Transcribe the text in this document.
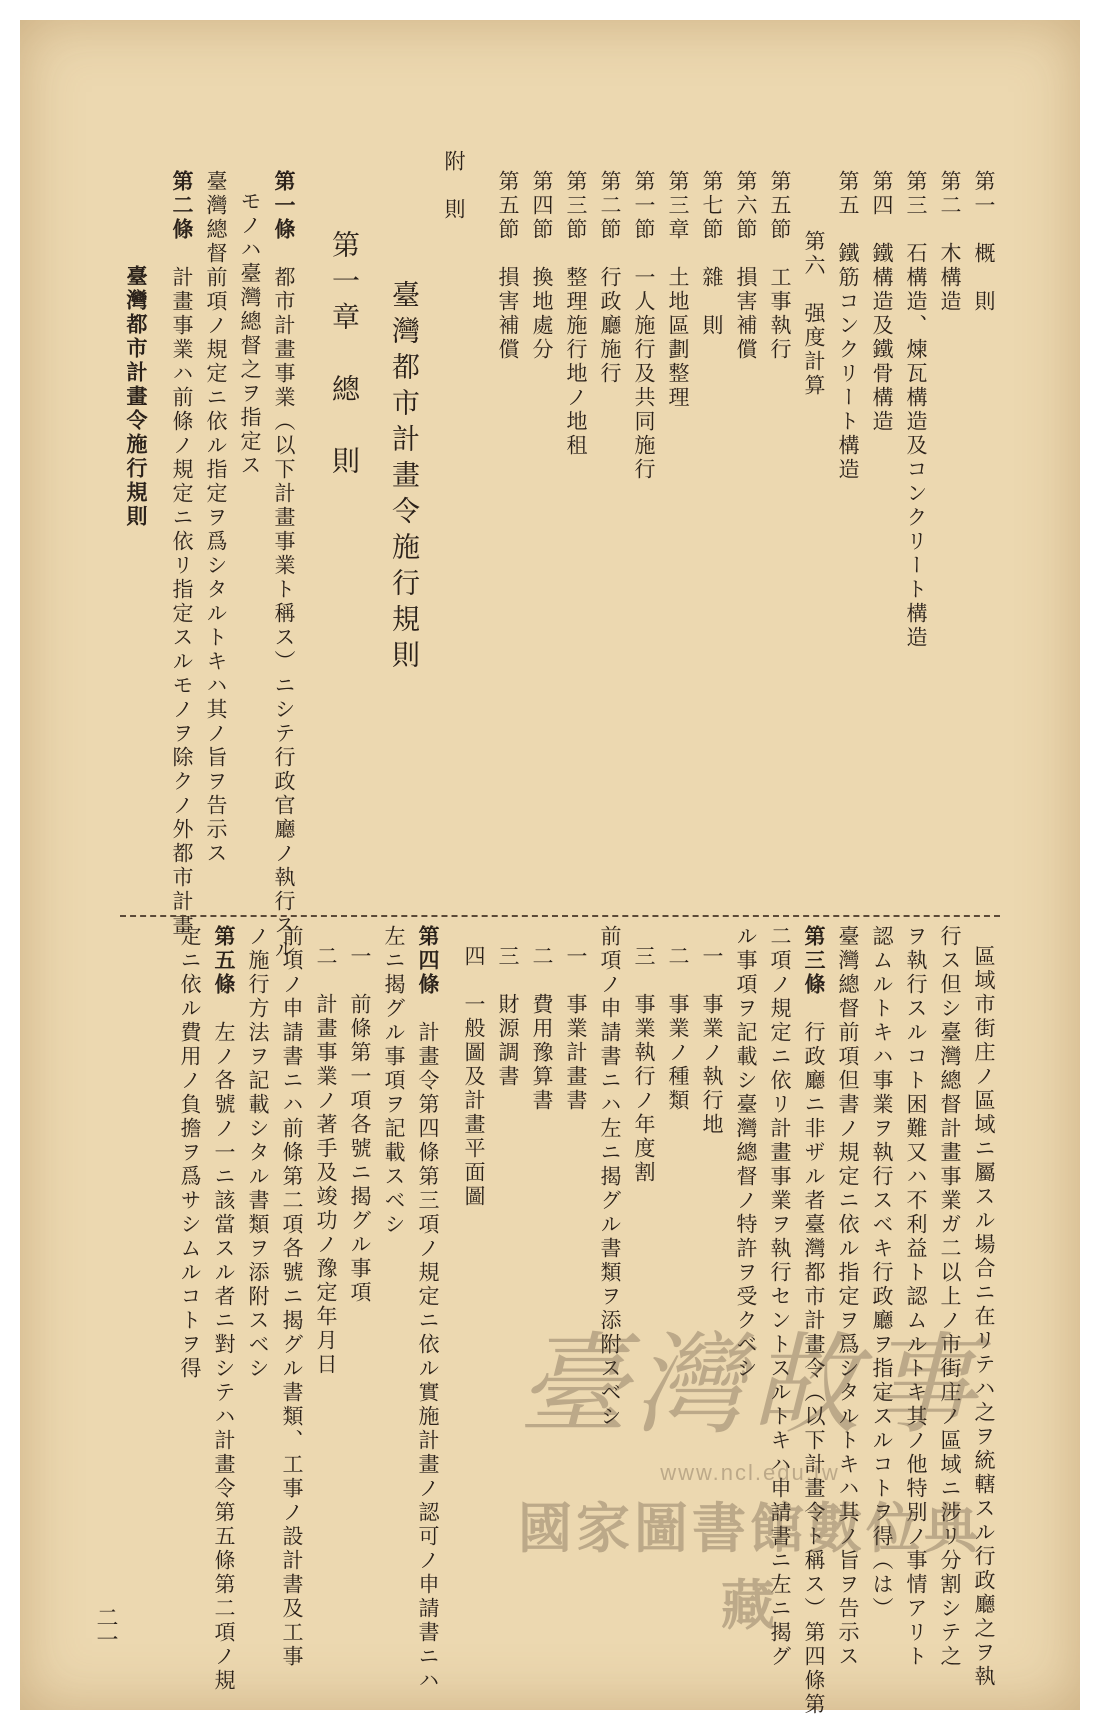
第一　概　則
第二　木構造
第三　石構造、煉瓦構造及コンクリート構造
第四　鐵構造及鐵骨構造
第五　鐵筋コンクリート構造
第六　强度計算
第五節　工事執行
第六節　損害補償
第七節　雜　則
第三章　土地區劃整理
第一節　一人施行及共同施行
第二節　行政廳施行
第三節　整理施行地ノ地租
第四節　換地處分
第五節　損害補償
附　則
臺灣都市計畫令施行規則
第一章　總　則
第一條　都市計畫事業（以下計畫事業ト稱ス）ニシテ行政官廳ノ執行スル
モノハ臺灣總督之ヲ指定ス
臺灣總督前項ノ規定ニ依ル指定ヲ爲シタルトキハ其ノ旨ヲ告示ス
第二條　計畫事業ハ前條ノ規定ニ依リ指定スルモノヲ除クノ外都市計畫
臺灣都市計畫令施行規則
區域市街庄ノ區域ニ屬スル場合ニ在リテハ之ヲ統轄スル行政廳之ヲ執
行ス但シ臺灣總督計畫事業ガ二以上ノ市街庄ノ區域ニ涉リ分割シテ之
ヲ執行スルコト困難又ハ不利益ト認ムルトキ其ノ他特別ノ事情アリト
認ムルトキハ事業ヲ執行スベキ行政廳ヲ指定スルコトヲ得（は）
臺灣總督前項但書ノ規定ニ依ル指定ヲ爲シタルトキハ其ノ旨ヲ告示ス
第三條　行政廳ニ非ザル者臺灣都市計畫令（以下計畫令ト稱ス）第四條第
二項ノ規定ニ依リ計畫事業ヲ執行セントスルトキハ申請書ニ左ニ揭グ
ル事項ヲ記載シ臺灣總督ノ特許ヲ受クベシ
一　事業ノ執行地
二　事業ノ種類
三　事業執行ノ年度割
前項ノ申請書ニハ左ニ揭グル書類ヲ添附スベシ
一　事業計畫書
二　費用豫算書
三　財源調書
四　一般圖及計畫平面圖
第四條　計畫令第四條第三項ノ規定ニ依ル實施計畫ノ認可ノ申請書ニハ
左ニ揭グル事項ヲ記載スベシ
一　前條第一項各號ニ揭グル事項
二　計畫事業ノ著手及竣功ノ豫定年月日
前項ノ申請書ニハ前條第二項各號ニ揭グル書類、工事ノ設計書及工事
ノ施行方法ヲ記載シタル書類ヲ添附スベシ
第五條　左ノ各號ノ一ニ該當スル者ニ對シテハ計畫令第五條第二項ノ規
定ニ依ル費用ノ負擔ヲ爲サシムルコトヲ得
二一
臺灣故事
www.ncl.edu.tw
國家圖書館數位典藏
